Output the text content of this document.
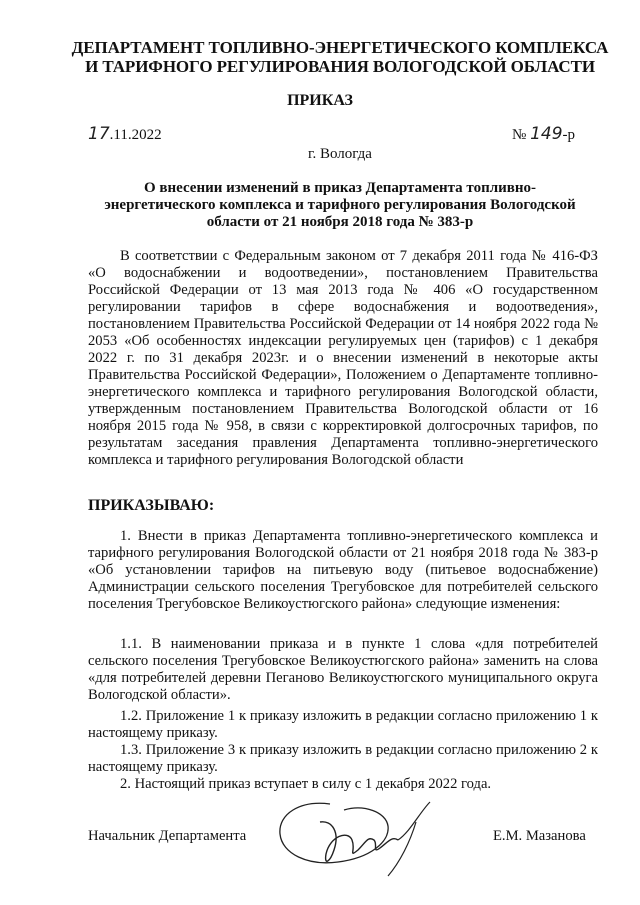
ДЕПАРТАМЕНТ ТОПЛИВНО-ЭНЕРГЕТИЧЕСКОГО КОМПЛЕКСА
И ТАРИФНОГО РЕГУЛИРОВАНИЯ ВОЛОГОДСКОЙ ОБЛАСТИ
ПРИКАЗ
17.11.2022	№ 149-р
г. Вологда
О внесении изменений в приказ Департамента топливно-
энергетического комплекса и тарифного регулирования Вологодской
области от 21 ноября 2018 года № 383-р

В соответствии с Федеральным законом от 7 декабря 2011 года № 416-ФЗ «О водоснабжении и водоотведении», постановлением Правительства Российской Федерации от 13 мая 2013 года № 406 «О государственном регулировании тарифов в сфере водоснабжения и водоотведения», постановлением Правительства Российской Федерации от 14 ноября 2022 года № 2053 «Об особенностях индексации регулируемых цен (тарифов) с 1 декабря 2022 г. по 31 декабря 2023г. и о внесении изменений в некоторые акты Правительства Российской Федерации», Положением о Департаменте топливно-энергетического комплекса и тарифного регулирования Вологодской области, утвержденным постановлением Правительства Вологодской области от 16 ноября 2015 года № 958, в связи с корректировкой долгосрочных тарифов, по результатам заседания правления Департамента топливно-энергетического комплекса и тарифного регулирования Вологодской области

ПРИКАЗЫВАЮ:

1. Внести в приказ Департамента топливно-энергетического комплекса и тарифного регулирования Вологодской области от 21 ноября 2018 года № 383-р «Об установлении тарифов на питьевую воду (питьевое водоснабжение) Администрации сельского поселения Трегубовское для потребителей сельского поселения Трегубовское Великоустюгского района» следующие изменения:

1.1. В наименовании приказа и в пункте 1 слова «для потребителей сельского поселения Трегубовское Великоустюгского района» заменить на слова «для потребителей деревни Пеганово Великоустюгского муниципального округа Вологодской области».

1.2. Приложение 1 к приказу изложить в редакции согласно приложению 1 к настоящему приказу.

1.3. Приложение 3 к приказу изложить в редакции согласно приложению 2 к настоящему приказу.

2. Настоящий приказ вступает в силу с 1 декабря 2022 года.

Начальник Департамента	Е.М. Мазанова
